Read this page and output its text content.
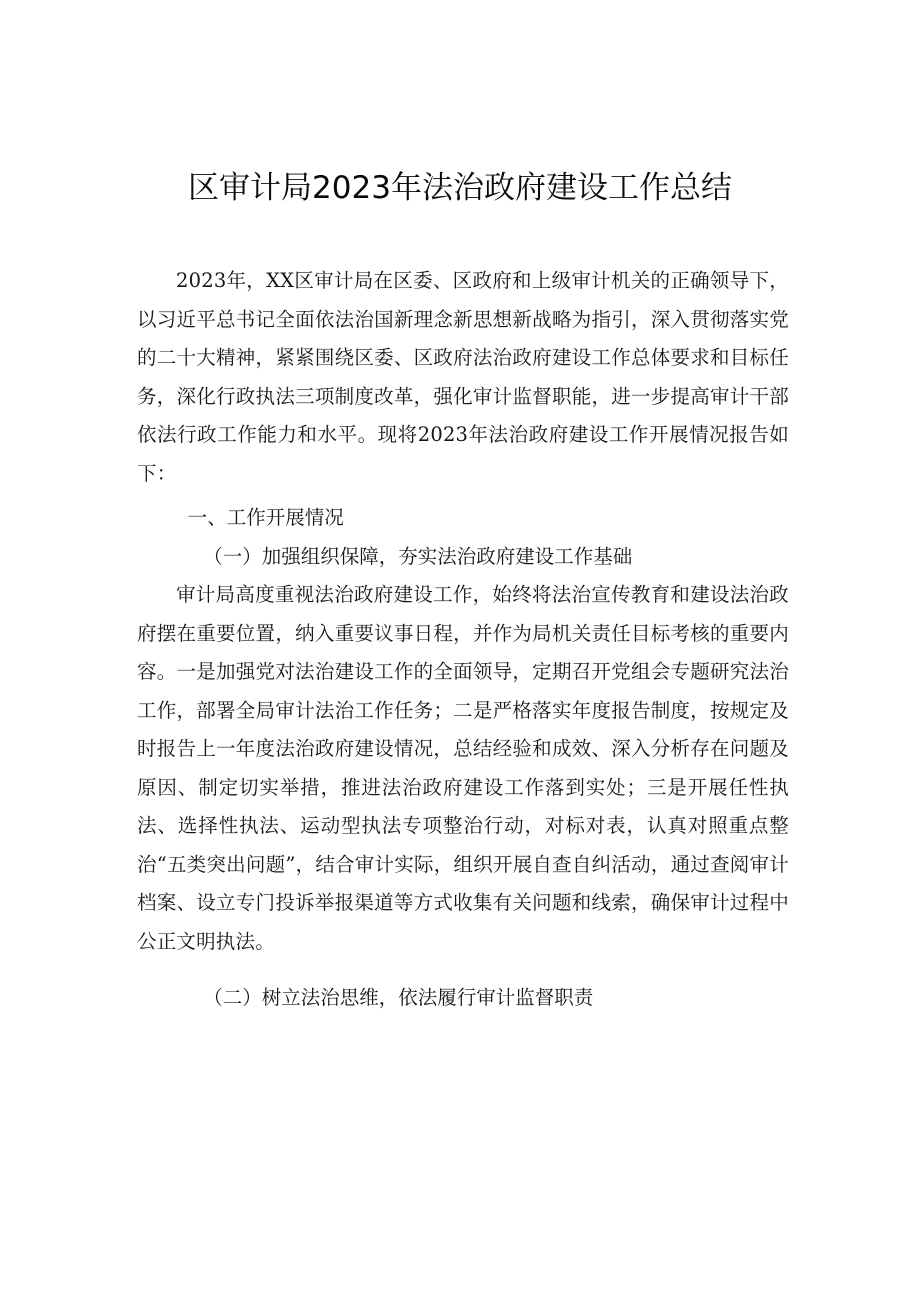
区审计局2023年法治政府建设工作总结

2023年，XX区审计局在区委、区政府和上级审计机关的正确领导下，以习近平总书记全面依法治国新理念新思想新战略为指引，深入贯彻落实党的二十大精神，紧紧围绕区委、区政府法治政府建设工作总体要求和目标任务，深化行政执法三项制度改革，强化审计监督职能，进一步提高审计干部依法行政工作能力和水平。现将2023年法治政府建设工作开展情况报告如下：

一、工作开展情况

（一）加强组织保障，夯实法治政府建设工作基础

审计局高度重视法治政府建设工作，始终将法治宣传教育和建设法治政府摆在重要位置，纳入重要议事日程，并作为局机关责任目标考核的重要内容。一是加强党对法治建设工作的全面领导，定期召开党组会专题研究法治工作，部署全局审计法治工作任务；二是严格落实年度报告制度，按规定及时报告上一年度法治政府建设情况，总结经验和成效、深入分析存在问题及原因、制定切实举措，推进法治政府建设工作落到实处；三是开展任性执法、选择性执法、运动型执法专项整治行动，对标对表，认真对照重点整治“五类突出问题”，结合审计实际，组织开展自查自纠活动，通过查阅审计档案、设立专门投诉举报渠道等方式收集有关问题和线索，确保审计过程中公正文明执法。

（二）树立法治思维，依法履行审计监督职责
